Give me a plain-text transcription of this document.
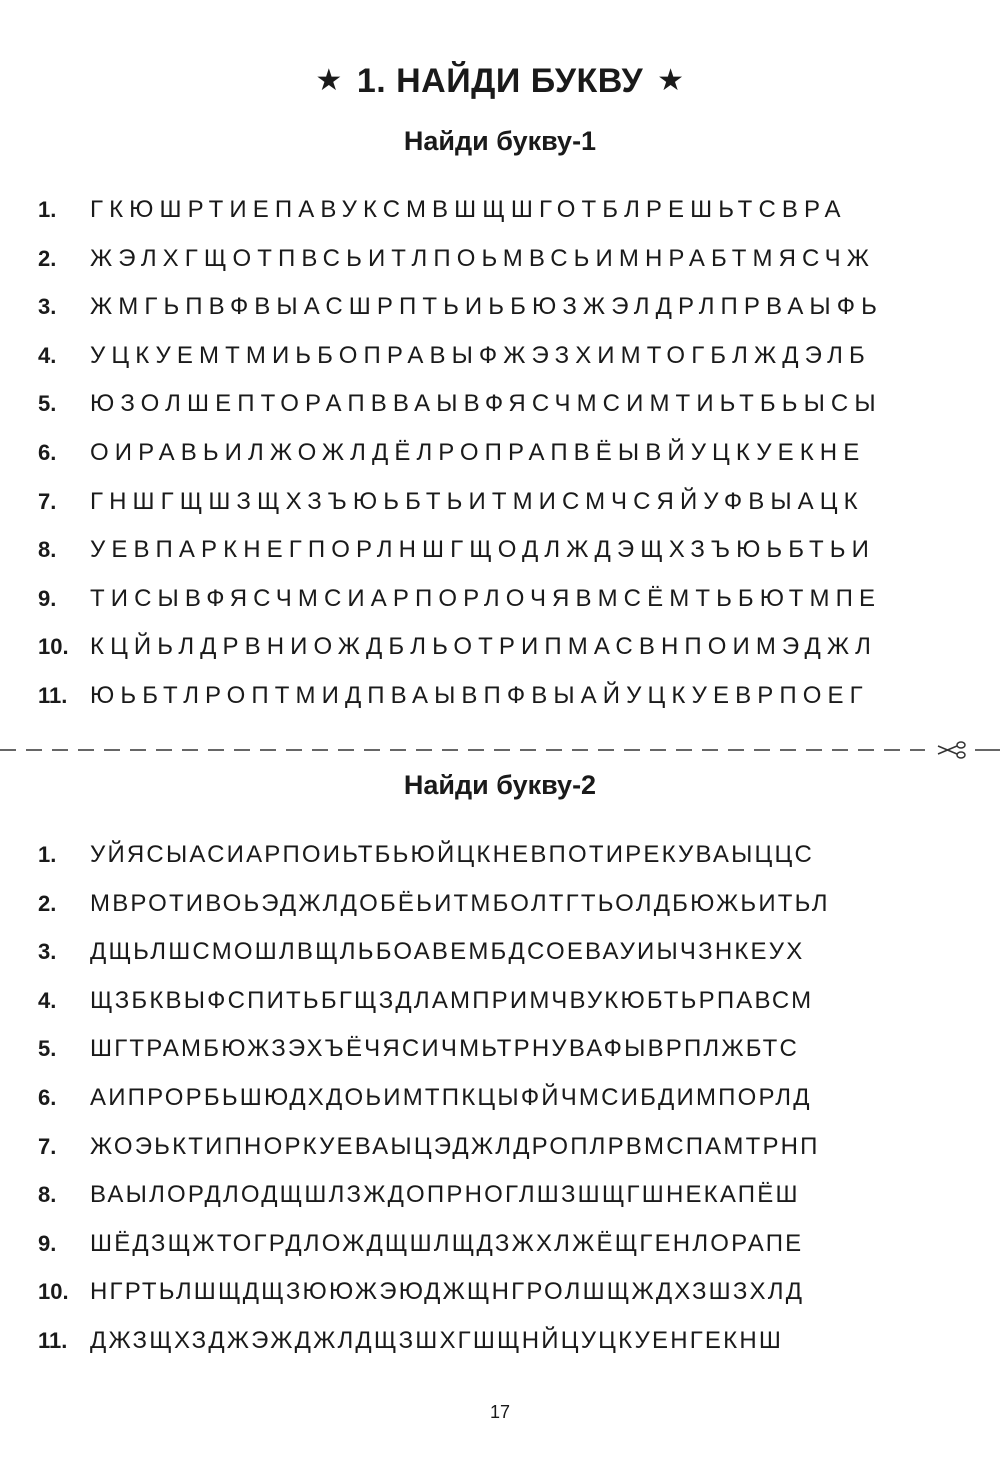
★ 1. НАЙДИ БУКВУ ★
Найди букву-1
1.	ГКЮШРТИЕПАВУКСМВШЩШГОТБЛРЕШЬТСВРА
2.	ЖЭЛХГЩОТПВСЬИТЛПОЬМВСЬИМНРАБТМЯСЧЖ
3.	ЖМГЬПВФВЫАСШРПТЬИЬБЮЗЖЭЛДРЛПРВАЫФЬ
4.	УЦКУЕМТМИЬБОПРАВЫФЖЭЗХИМТОГБЛЖДЭЛБ
5.	ЮЗОЛШЕПТОРАПВВАЫВФЯСЧМСИМТИЬТБЬЫСЫ
6.	ОИРАВЬИЛЖОЖЛДЁЛРОПРАПВЁЫВЙУЦКУЕКНЕ
7.	ГНШГЩШЗЩХЗЪЮЬБТЬИТМИСМЧСЯЙУФВЫАЦК
8.	УЕВПАРКНЕГПОРЛНШГЩОДЛЖДЭЩХЗЪЮЬБТЬИ
9.	ТИСЫВФЯСЧМСИАРПОРЛОЧЯВМСЁМТЬБЮТМПЕ
10. КЦЙЬЛДРВНИОЖДБЛЬОТРИПМАСВНПОИМЭДЖЛ
11. ЮЬБТЛРОПТМИДПВАЫВПФВЫАЙУЦКУЕВРПОЕГ
Найди букву-2
1.	УЙЯСЫАСИАРПОИЬТБЬЮЙЦКНЕВПОТИРЕКУВАЫЦЦС
2.	МВРОТИВОЬЭДЖЛДОБЁЬИТМБОЛТГТЬОЛДБЮЖЬИТЬЛ
3.	ДЩЬЛШСМОШЛВЩЛЬБОАВЕМБДСОЕВАУИЫЧЗНКЕУХ
4.	ЩЗБКВЫФСПИТЬБГЩЗДЛАМПРИМЧВУКЮБТЬРПАВСМ
5.	ШГТРАМБЮЖЗЭХЪЁЧЯСИЧМЬТРНУВАФЫВРПЛЖБТС
6.	АИПРОРБЬШЮДХДОЬИМТПКЦЫФЙЧМСИБДИМПОРЛД
7.	ЖОЭЬКТИПНОРКУЕВАЫЦЭДЖЛДРОПЛРВМСПАМТРНП
8.	ВАЫЛОРДЛОДЩШЛЗЖДОПРНОГЛШЗШЩГШНЕКАПЁШ
9.	ШЁДЗЩЖТОГРДЛОЖДЩШЛЩДЗЖХЛЖЁЩГЕНЛОРАПЕ
10. НГРТЬЛШЩДЩЗЮЮЖЭЮДЖЩНГРОЛШЩЖДХЗШЗХЛД
11. ДЖЗЩХЗДЖЭЖДЖЛДЩЗШХГШЩНЙЦУЦКУЕНГЕКНШ
17
